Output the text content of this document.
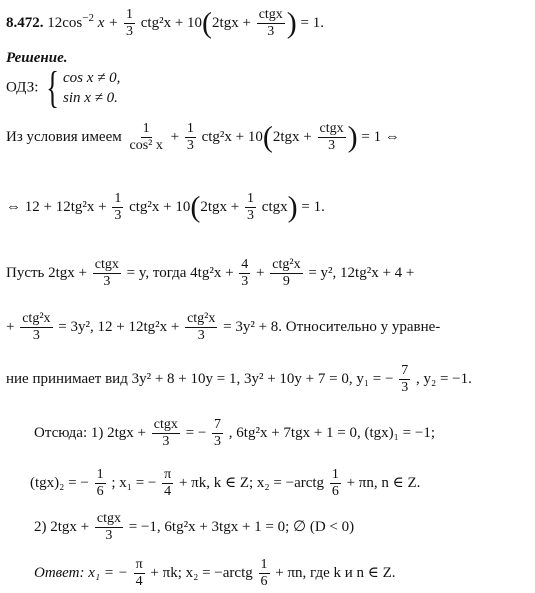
8.472. $12\cos^{-2}$ $x + \frac{1}{3} ctg^2x + 10(2tgx + \frac{\text{ctgx}}{3}$ ) = 1.
Решение.
ОДЗ: { cos x ≠ 0,
sin x ≠ 0.
Из условия имеем $\frac{1}{\text{cos² x}} + \frac{1}{3} ctg^2x + 10(2tgx + \frac{\text{ctgx}}{3}$ ) = 1 ⇔
⇔ $12 + 12tg^2x + \frac{1}{3} ctg^2x + 10(2tgx + \frac{1}{3}$ ctgx) = 1.
Пусть $2tgx + \frac{\text{ctgx}}{3} = y$, тогда $4tg^2x + \frac{4}{3} + \frac{\text{ctg²x}}{9} = y^2$, 12tg²x + 4 +
+ $\frac{\text{ctg²x}}{3} = 3y^2$, $12 + 12tg^2x + \frac{\text{ctg²x}}{3} = 3y^2 + 8$. Относительно y уравне-
ние принимает вид 3y² + 8 + 10y = 1, 3y² + 10y + 7 = 0, y₁ = − $\frac{7}{3}$ , y₂ = −1.
Отсюда: 1) $2tgx + \frac{\text{ctgx}}{3}$ = − $\frac{7}{3}$ , 6tg²x + 7tgx + 1 = 0, (tgx)₁ = −1;
(tgx)₂ = − $\frac{1}{6}$ ; x₁ = − $\frac{\pi}{4} + \pi k$, k ∈ Z; x₂ = −arctg $\frac{1}{6} + \pi n$, n ∈ Z.
2) $2tgx + \frac{\text{ctgx}}{3} = -1$, 6tg²x + 3tgx + 1 = 0; ∅ (D < 0)
Ответ: x₁ = − $\frac{\pi}{4} + \pi k$; x₂ = −arctg $\frac{1}{6} + \pi n$, где k и n ∈ Z.
